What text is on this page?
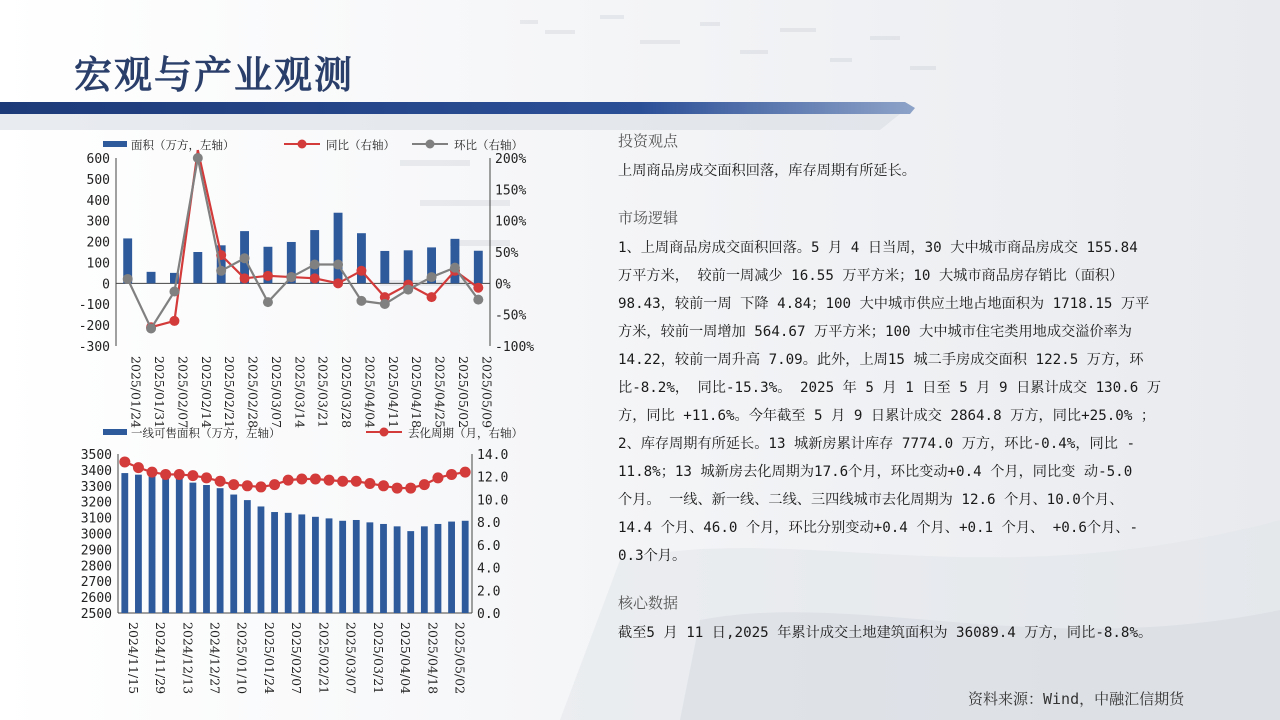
宏观与产业观测
面积（万方，左轴）	同比（右轴）	环比（右轴）
600
500
400
300
200
100
0
-100
-200
-300
200%
150%
100%
50%
0%
-50%
-100%
2025/01/24 2025/01/31 2025/02/07 2025/02/14 2025/02/21 2025/02/28 2025/03/07 2025/03/14 2025/03/21 2025/03/28 2025/04/04 2025/04/11 2025/04/18 2025/04/25 2025/05/02 2025/05/09
一线可售面积（万方，左轴）	去化周期（月，右轴）
3500
3400
3300
3200
3100
3000
2900
2800
2700
2600
2500
14.0
12.0
10.0
8.0
6.0
4.0
2.0
0.0
2024/11/15 2024/11/29 2024/12/13 2024/12/27 2025/01/10 2025/01/24 2025/02/07 2025/02/21 2025/03/07 2025/03/21 2025/04/04 2025/04/18 2025/05/02
投资观点
上周商品房成交面积回落，库存周期有所延长。
市场逻辑
1、上周商品房成交面积回落。5 月 4 日当周，30 大中城市商品房成交 155.84
万平方米， 较前一周减少 16.55 万平方米；10 大城市商品房存销比（面积）
98.43，较前一周 下降 4.84；100 大中城市供应土地占地面积为 1718.15 万平
方米，较前一周增加 564.67 万平方米；100 大中城市住宅类用地成交溢价率为
14.22，较前一周升高 7.09。此外，上周15 城二手房成交面积 122.5 万方，环
比-8.2%， 同比-15.3%。 2025 年 5 月 1 日至 5 月 9 日累计成交 130.6 万
方，同比 +11.6%。今年截至 5 月 9 日累计成交 2864.8 万方，同比+25.0% ；
2、库存周期有所延长。13 城新房累计库存 7774.0 万方，环比-0.4%，同比 -
11.8%；13 城新房去化周期为17.6个月，环比变动+0.4 个月，同比变 动-5.0
个月。 一线、新一线、二线、三四线城市去化周期为 12.6 个月、10.0个月、
14.4 个月、46.0 个月，环比分别变动+0.4 个月、+0.1 个月、 +0.6个月、-
0.3个月。
核心数据
截至5 月 11 日,2025 年累计成交土地建筑面积为 36089.4 万方，同比-8.8%。
资料来源：Wind，中融汇信期货
